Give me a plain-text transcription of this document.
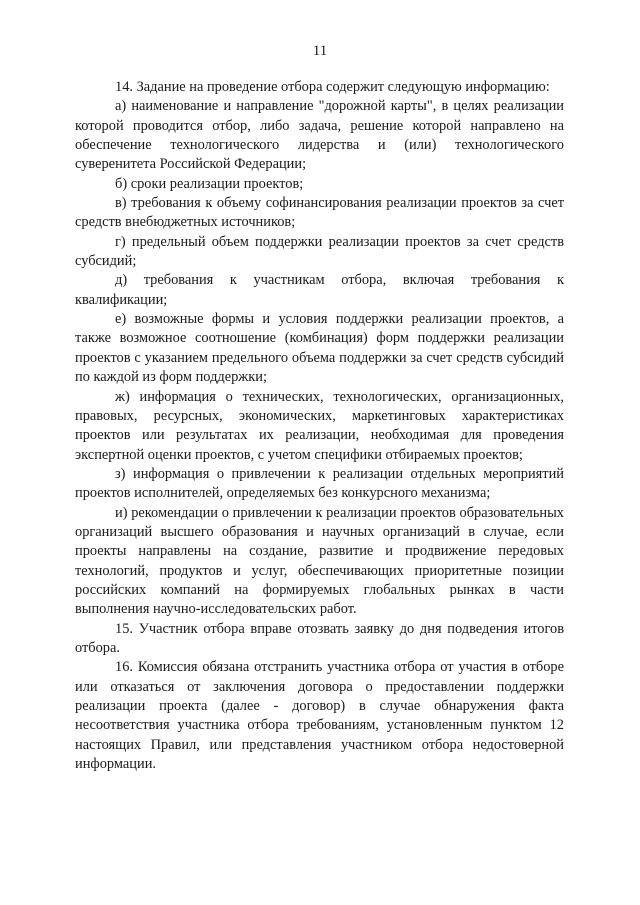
11

14. Задание на проведение отбора содержит следующую информацию:

а) наименование и направление "дорожной карты", в целях реализации которой проводится отбор, либо задача, решение которой направлено на обеспечение технологического лидерства и (или) технологического суверенитета Российской Федерации;

б) сроки реализации проектов;

в) требования к объему софинансирования реализации проектов за счет средств внебюджетных источников;

г) предельный объем поддержки реализации проектов за счет средств субсидий;

д) требования к участникам отбора, включая требования к квалификации;

е) возможные формы и условия поддержки реализации проектов, а также возможное соотношение (комбинация) форм поддержки реализации проектов с указанием предельного объема поддержки за счет средств субсидий по каждой из форм поддержки;

ж) информация о технических, технологических, организационных, правовых, ресурсных, экономических, маркетинговых характеристиках проектов или результатах их реализации, необходимая для проведения экспертной оценки проектов, с учетом специфики отбираемых проектов;

з) информация о привлечении к реализации отдельных мероприятий проектов исполнителей, определяемых без конкурсного механизма;

и) рекомендации о привлечении к реализации проектов образовательных организаций высшего образования и научных организаций в случае, если проекты направлены на создание, развитие и продвижение передовых технологий, продуктов и услуг, обеспечивающих приоритетные позиции российских компаний на формируемых глобальных рынках в части выполнения научно-исследовательских работ.

15. Участник отбора вправе отозвать заявку до дня подведения итогов отбора.

16. Комиссия обязана отстранить участника отбора от участия в отборе или отказаться от заключения договора о предоставлении поддержки реализации проекта (далее - договор) в случае обнаружения факта несоответствия участника отбора требованиям, установленным пунктом 12 настоящих Правил, или представления участником отбора недостоверной информации.
